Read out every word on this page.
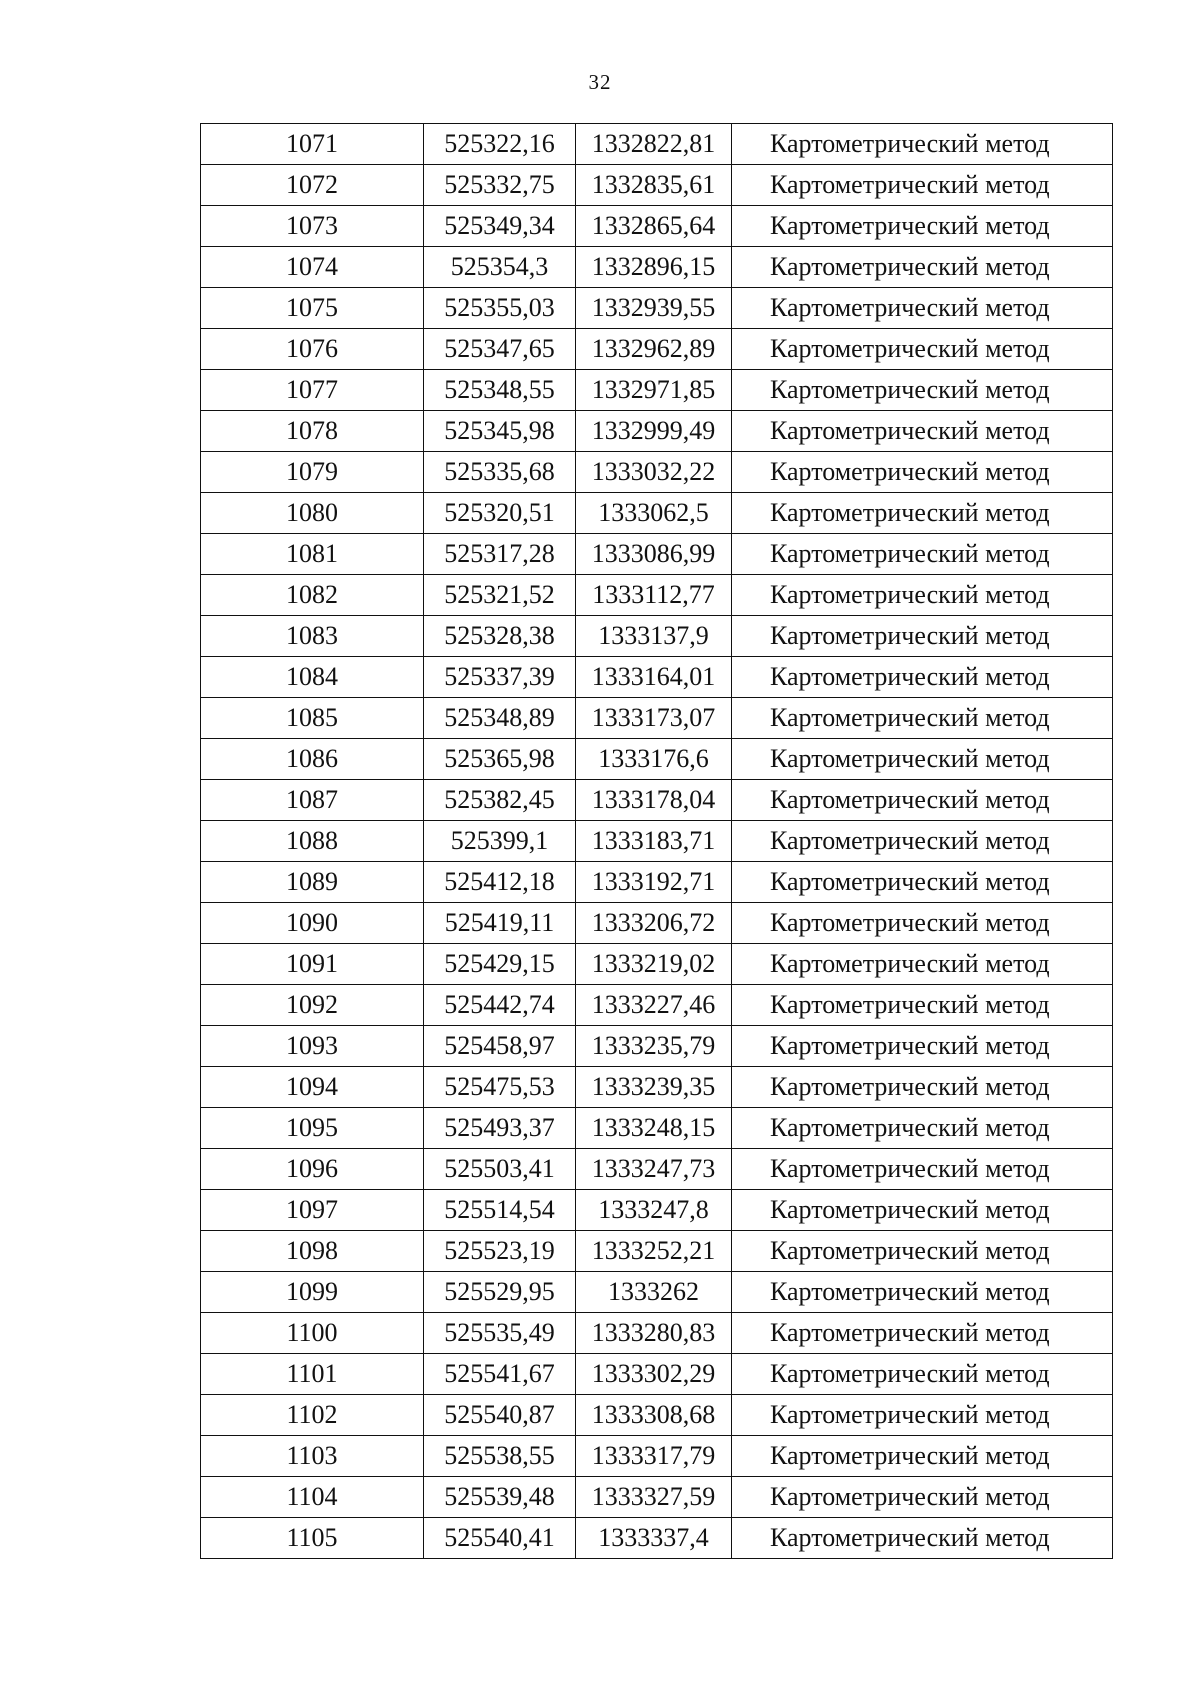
32
1071	525322,16	1332822,81	Картометрический метод
1072	525332,75	1332835,61	Картометрический метод
1073	525349,34	1332865,64	Картометрический метод
1074	525354,3	1332896,15	Картометрический метод
1075	525355,03	1332939,55	Картометрический метод
1076	525347,65	1332962,89	Картометрический метод
1077	525348,55	1332971,85	Картометрический метод
1078	525345,98	1332999,49	Картометрический метод
1079	525335,68	1333032,22	Картометрический метод
1080	525320,51	1333062,5	Картометрический метод
1081	525317,28	1333086,99	Картометрический метод
1082	525321,52	1333112,77	Картометрический метод
1083	525328,38	1333137,9	Картометрический метод
1084	525337,39	1333164,01	Картометрический метод
1085	525348,89	1333173,07	Картометрический метод
1086	525365,98	1333176,6	Картометрический метод
1087	525382,45	1333178,04	Картометрический метод
1088	525399,1	1333183,71	Картометрический метод
1089	525412,18	1333192,71	Картометрический метод
1090	525419,11	1333206,72	Картометрический метод
1091	525429,15	1333219,02	Картометрический метод
1092	525442,74	1333227,46	Картометрический метод
1093	525458,97	1333235,79	Картометрический метод
1094	525475,53	1333239,35	Картометрический метод
1095	525493,37	1333248,15	Картометрический метод
1096	525503,41	1333247,73	Картометрический метод
1097	525514,54	1333247,8	Картометрический метод
1098	525523,19	1333252,21	Картометрический метод
1099	525529,95	1333262	Картометрический метод
1100	525535,49	1333280,83	Картометрический метод
1101	525541,67	1333302,29	Картометрический метод
1102	525540,87	1333308,68	Картометрический метод
1103	525538,55	1333317,79	Картометрический метод
1104	525539,48	1333327,59	Картометрический метод
1105	525540,41	1333337,4	Картометрический метод
